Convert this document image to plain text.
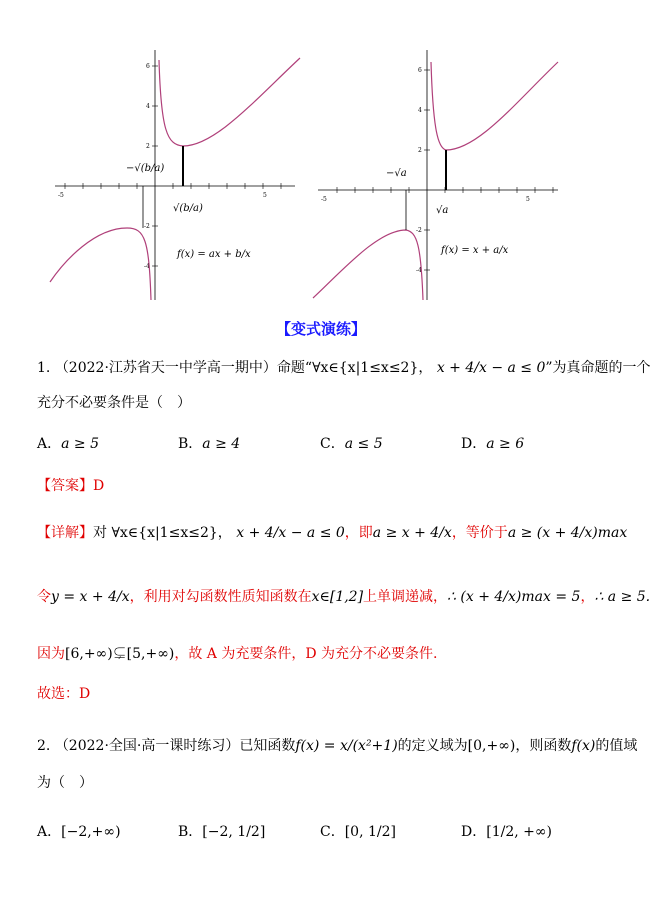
-5	5
6
4
2
-2
-4
−√(b/a)
√(b/a)
f(x) = ax + b/x
-5	5
6
4
2
-2
-4
−√a
√a
f(x) = x + a/x
【变式演练】
1. （2022·江苏省天一中学高一期中）命题“∀x∈{x|1≤x≤2}， x + 4/x − a ≤ 0”为真命题的一个
充分不必要条件是（　）
A．a ≥ 5	B．a ≥ 4	C．a ≤ 5	D．a ≥ 6
【答案】D
【详解】对 ∀x∈{x|1≤x≤2}， x + 4/x − a ≤ 0，即a ≥ x + 4/x，等价于a ≥ (x + 4/x)max
令y = x + 4/x，利用对勾函数性质知函数在x∈[1,2]上单调递减，∴ (x + 4/x)max = 5，∴ a ≥ 5.
因为[6,+∞)⊊[5,+∞)，故 A 为充要条件，D 为充分不必要条件.
故选：D
2. （2022·全国·高一课时练习）已知函数f(x) = x/(x²+1)的定义域为[0,+∞)，则函数f(x)的值域
为（　）
A．[−2,+∞)	B．[−2, 1/2]	C．[0, 1/2]	D．[1/2, +∞)
